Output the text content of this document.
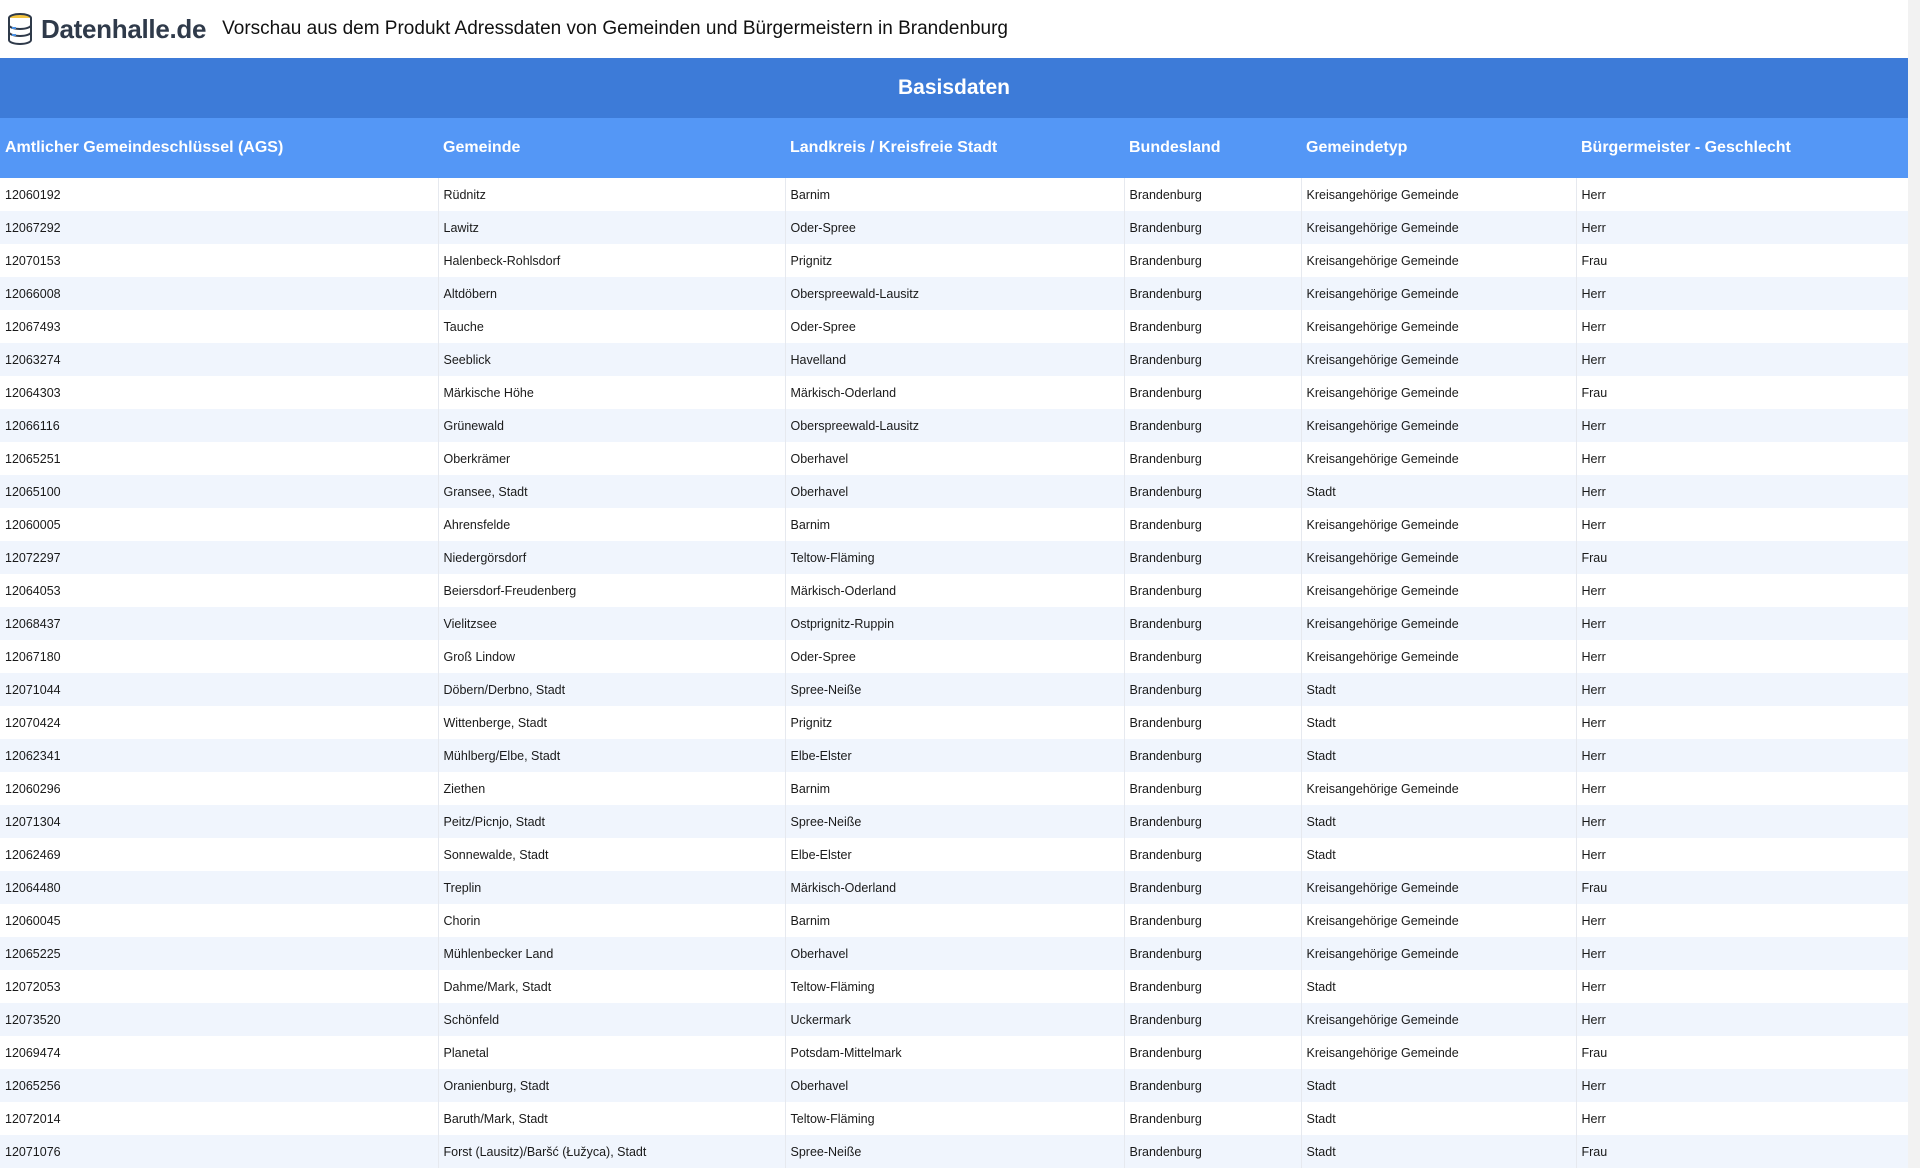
Datenhalle.de Vorschau aus dem Produkt Adressdaten von Gemeinden und Bürgermeistern in Brandenburg
Basisdaten
Amtlicher Gemeindeschlüssel (AGS)	Gemeinde	Landkreis / Kreisfreie Stadt	Bundesland	Gemeindetyp	Bürgermeister - Geschlecht
12060192	Rüdnitz	Barnim	Brandenburg	Kreisangehörige Gemeinde	Herr
12067292	Lawitz	Oder-Spree	Brandenburg	Kreisangehörige Gemeinde	Herr
12070153	Halenbeck-Rohlsdorf	Prignitz	Brandenburg	Kreisangehörige Gemeinde	Frau
12066008	Altdöbern	Oberspreewald-Lausitz	Brandenburg	Kreisangehörige Gemeinde	Herr
12067493	Tauche	Oder-Spree	Brandenburg	Kreisangehörige Gemeinde	Herr
12063274	Seeblick	Havelland	Brandenburg	Kreisangehörige Gemeinde	Herr
12064303	Märkische Höhe	Märkisch-Oderland	Brandenburg	Kreisangehörige Gemeinde	Frau
12066116	Grünewald	Oberspreewald-Lausitz	Brandenburg	Kreisangehörige Gemeinde	Herr
12065251	Oberkrämer	Oberhavel	Brandenburg	Kreisangehörige Gemeinde	Herr
12065100	Gransee, Stadt	Oberhavel	Brandenburg	Stadt	Herr
12060005	Ahrensfelde	Barnim	Brandenburg	Kreisangehörige Gemeinde	Herr
12072297	Niedergörsdorf	Teltow-Fläming	Brandenburg	Kreisangehörige Gemeinde	Frau
12064053	Beiersdorf-Freudenberg	Märkisch-Oderland	Brandenburg	Kreisangehörige Gemeinde	Herr
12068437	Vielitzsee	Ostprignitz-Ruppin	Brandenburg	Kreisangehörige Gemeinde	Herr
12067180	Groß Lindow	Oder-Spree	Brandenburg	Kreisangehörige Gemeinde	Herr
12071044	Döbern/Derbno, Stadt	Spree-Neiße	Brandenburg	Stadt	Herr
12070424	Wittenberge, Stadt	Prignitz	Brandenburg	Stadt	Herr
12062341	Mühlberg/Elbe, Stadt	Elbe-Elster	Brandenburg	Stadt	Herr
12060296	Ziethen	Barnim	Brandenburg	Kreisangehörige Gemeinde	Herr
12071304	Peitz/Picnjo, Stadt	Spree-Neiße	Brandenburg	Stadt	Herr
12062469	Sonnewalde, Stadt	Elbe-Elster	Brandenburg	Stadt	Herr
12064480	Treplin	Märkisch-Oderland	Brandenburg	Kreisangehörige Gemeinde	Frau
12060045	Chorin	Barnim	Brandenburg	Kreisangehörige Gemeinde	Herr
12065225	Mühlenbecker Land	Oberhavel	Brandenburg	Kreisangehörige Gemeinde	Herr
12072053	Dahme/Mark, Stadt	Teltow-Fläming	Brandenburg	Stadt	Herr
12073520	Schönfeld	Uckermark	Brandenburg	Kreisangehörige Gemeinde	Herr
12069474	Planetal	Potsdam-Mittelmark	Brandenburg	Kreisangehörige Gemeinde	Frau
12065256	Oranienburg, Stadt	Oberhavel	Brandenburg	Stadt	Herr
12072014	Baruth/Mark, Stadt	Teltow-Fläming	Brandenburg	Stadt	Herr
12071076	Forst (Lausitz)/Baršć (Łužyca), Stadt	Spree-Neiße	Brandenburg	Stadt	Frau
